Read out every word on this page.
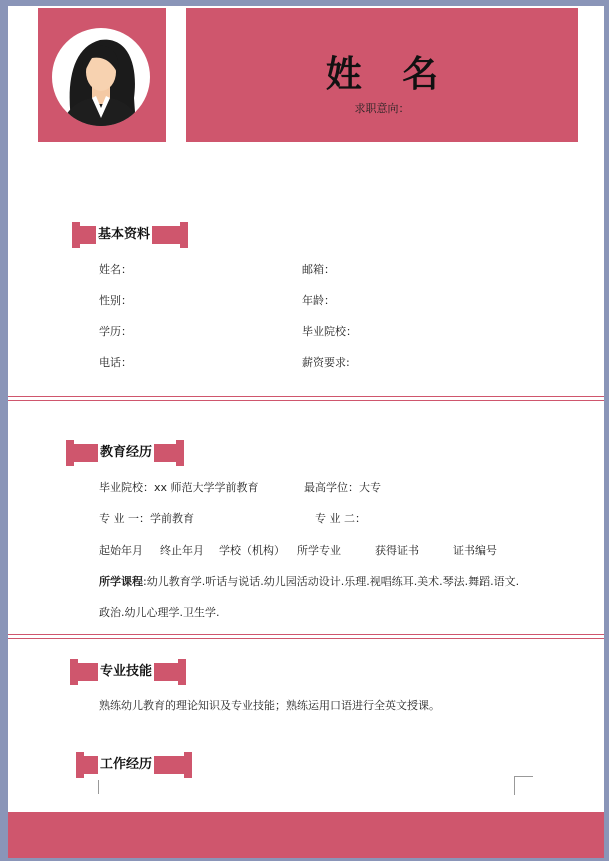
姓 名
求职意向：
基本资料
姓名：	邮箱：
性别：	年龄：
学历：	毕业院校：
电话：	薪资要求:
教育经历
毕业院校：xx 师范大学学前教育	最高学位：大专
专 业 一：学前教育	专 业 二：
起始年月 终止年月 学校（机构） 所学专业	获得证书	证书编号
所学课程:幼儿教育学.听话与说话.幼儿园活动设计.乐理.视唱练耳.美术.琴法.舞蹈.语文.
政治.幼儿心理学.卫生学.
专业技能
熟练幼儿教育的理论知识及专业技能；熟练运用口语进行全英文授课。
工作经历
